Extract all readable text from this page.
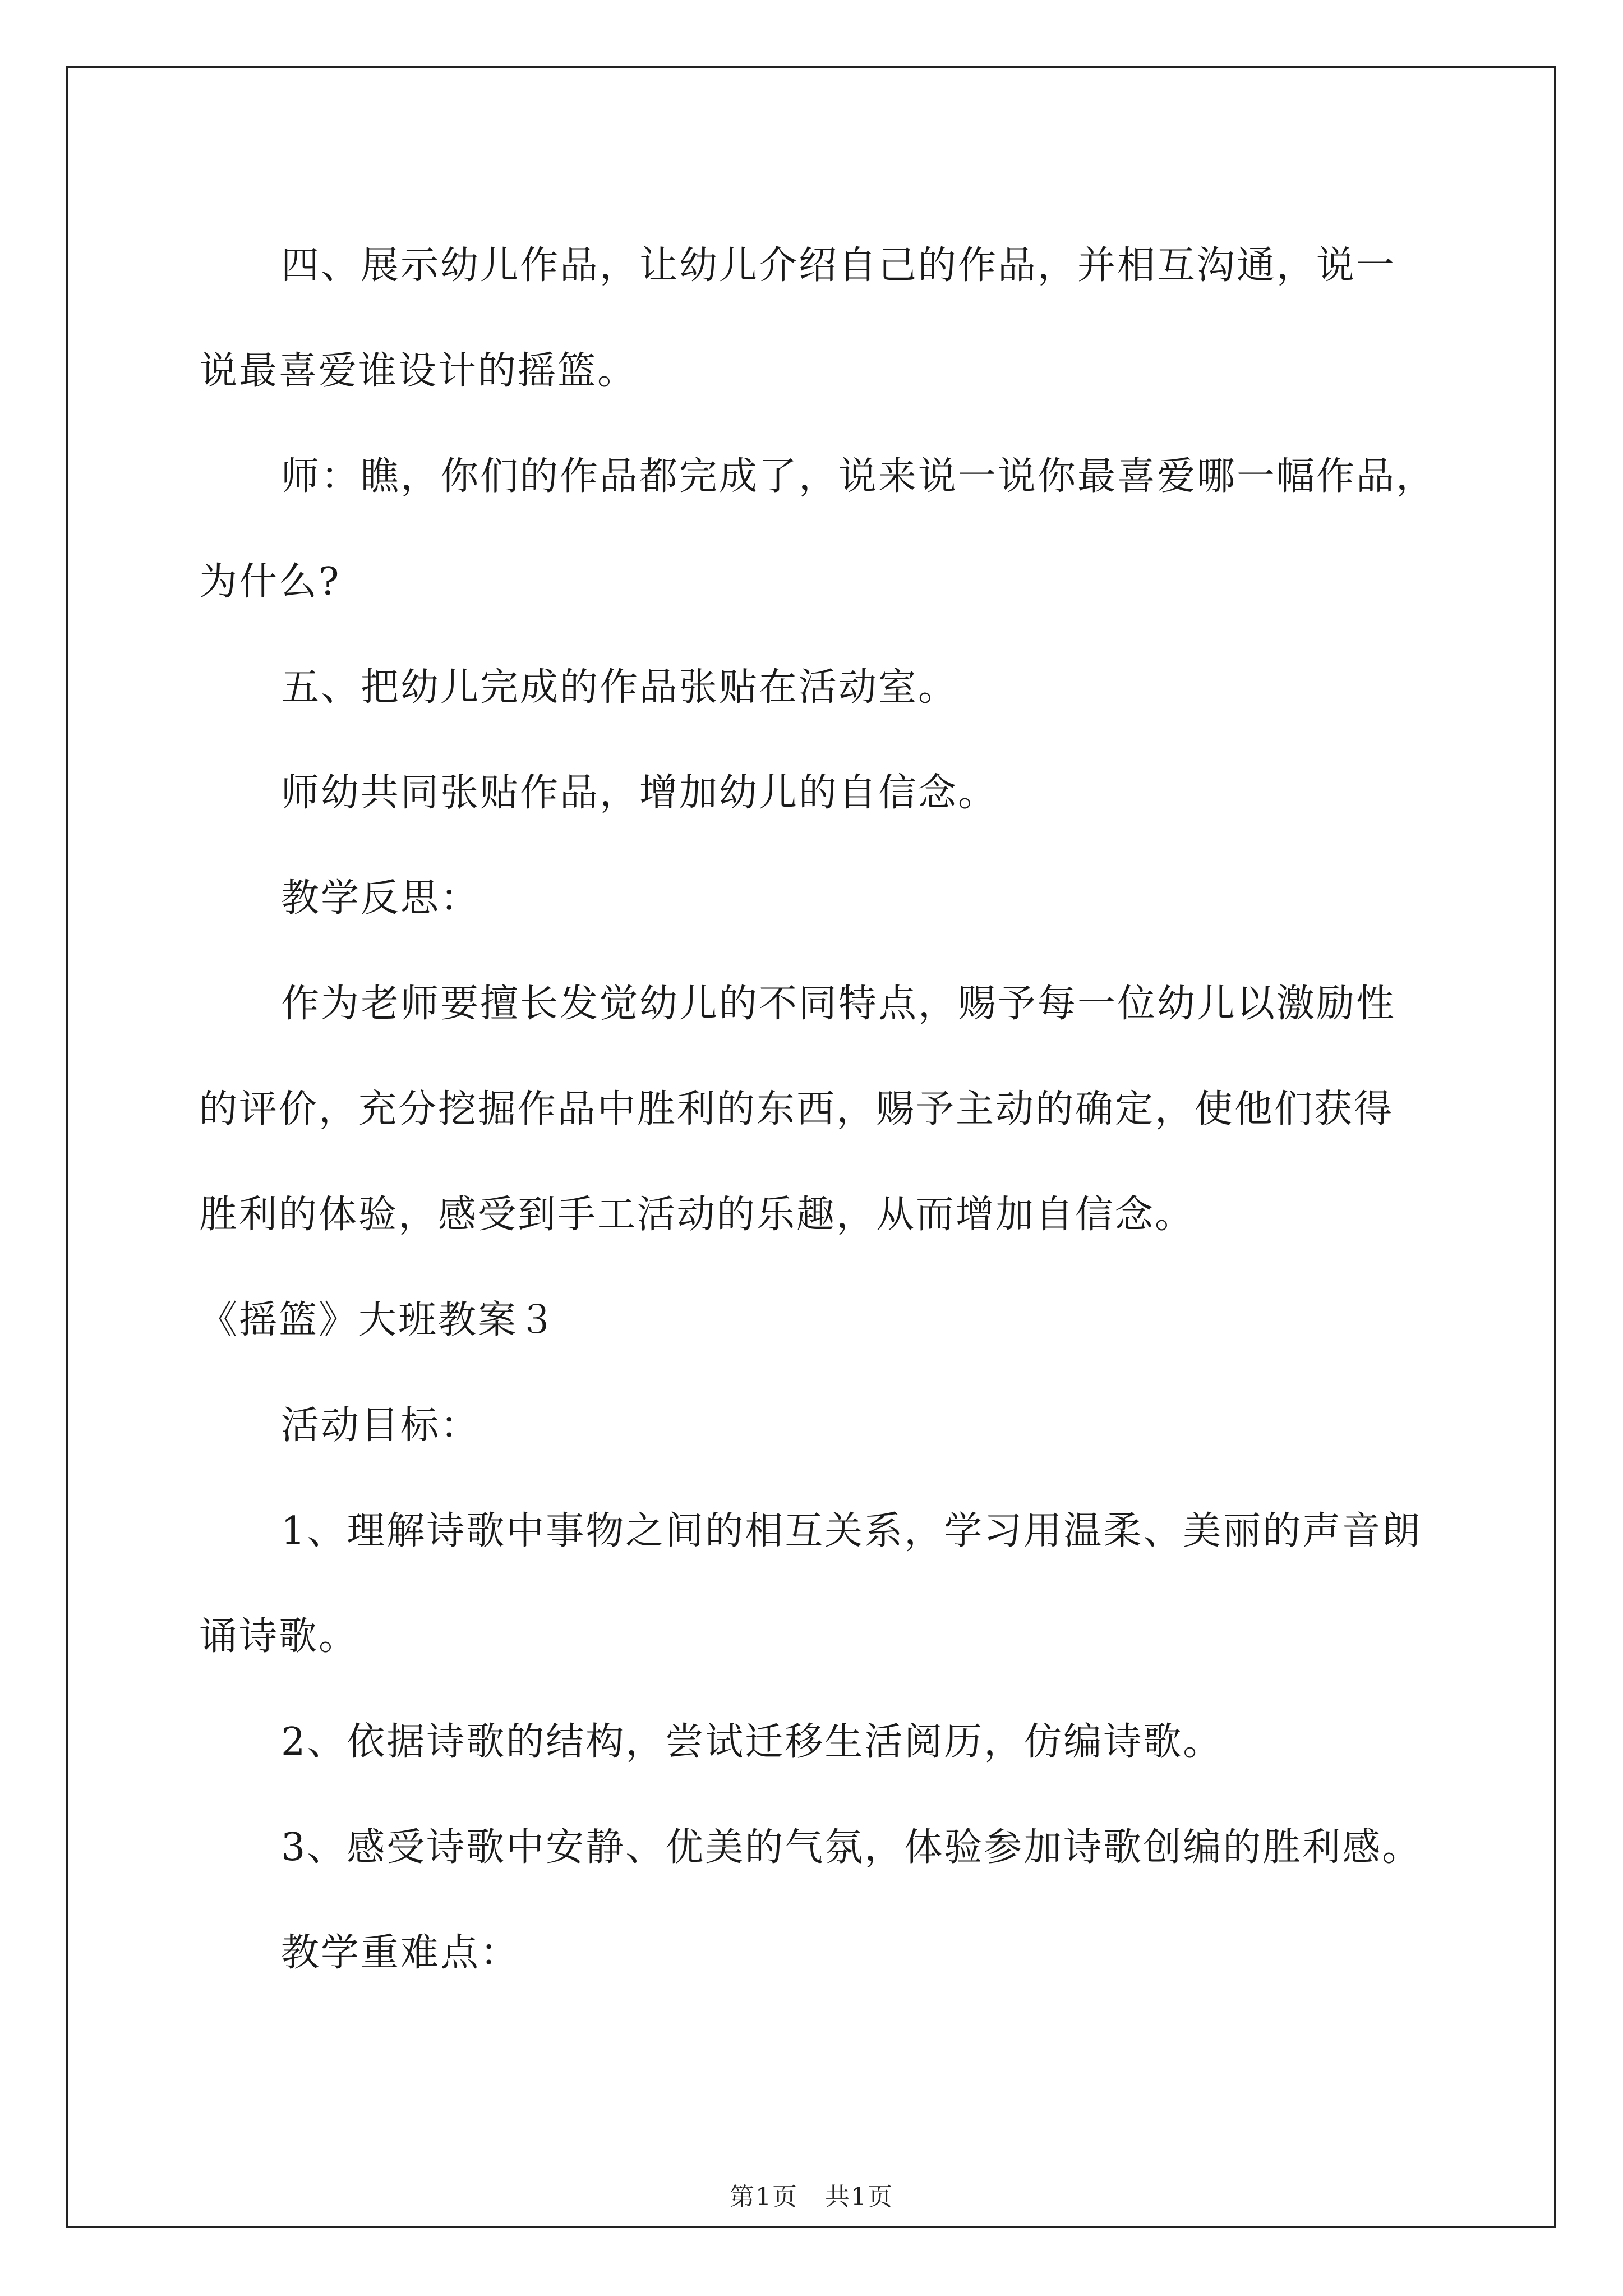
四、展示幼儿作品，让幼儿介绍自己的作品，并相互沟通，说一

说最喜爱谁设计的摇篮。

师：瞧，你们的作品都完成了，说来说一说你最喜爱哪一幅作品，

为什么?

五、把幼儿完成的作品张贴在活动室。

师幼共同张贴作品，增加幼儿的自信念。

教学反思：

作为老师要擅长发觉幼儿的不同特点，赐予每一位幼儿以激励性

的评价，充分挖掘作品中胜利的东西，赐予主动的确定，使他们获得

胜利的体验，感受到手工活动的乐趣，从而增加自信念。

《摇篮》大班教案３

活动目标：

1、理解诗歌中事物之间的相互关系，学习用温柔、美丽的声音朗

诵诗歌。

2、依据诗歌的结构，尝试迁移生活阅历，仿编诗歌。

3、感受诗歌中安静、优美的气氛，体验参加诗歌创编的胜利感。

教学重难点：

第1页   共1页
